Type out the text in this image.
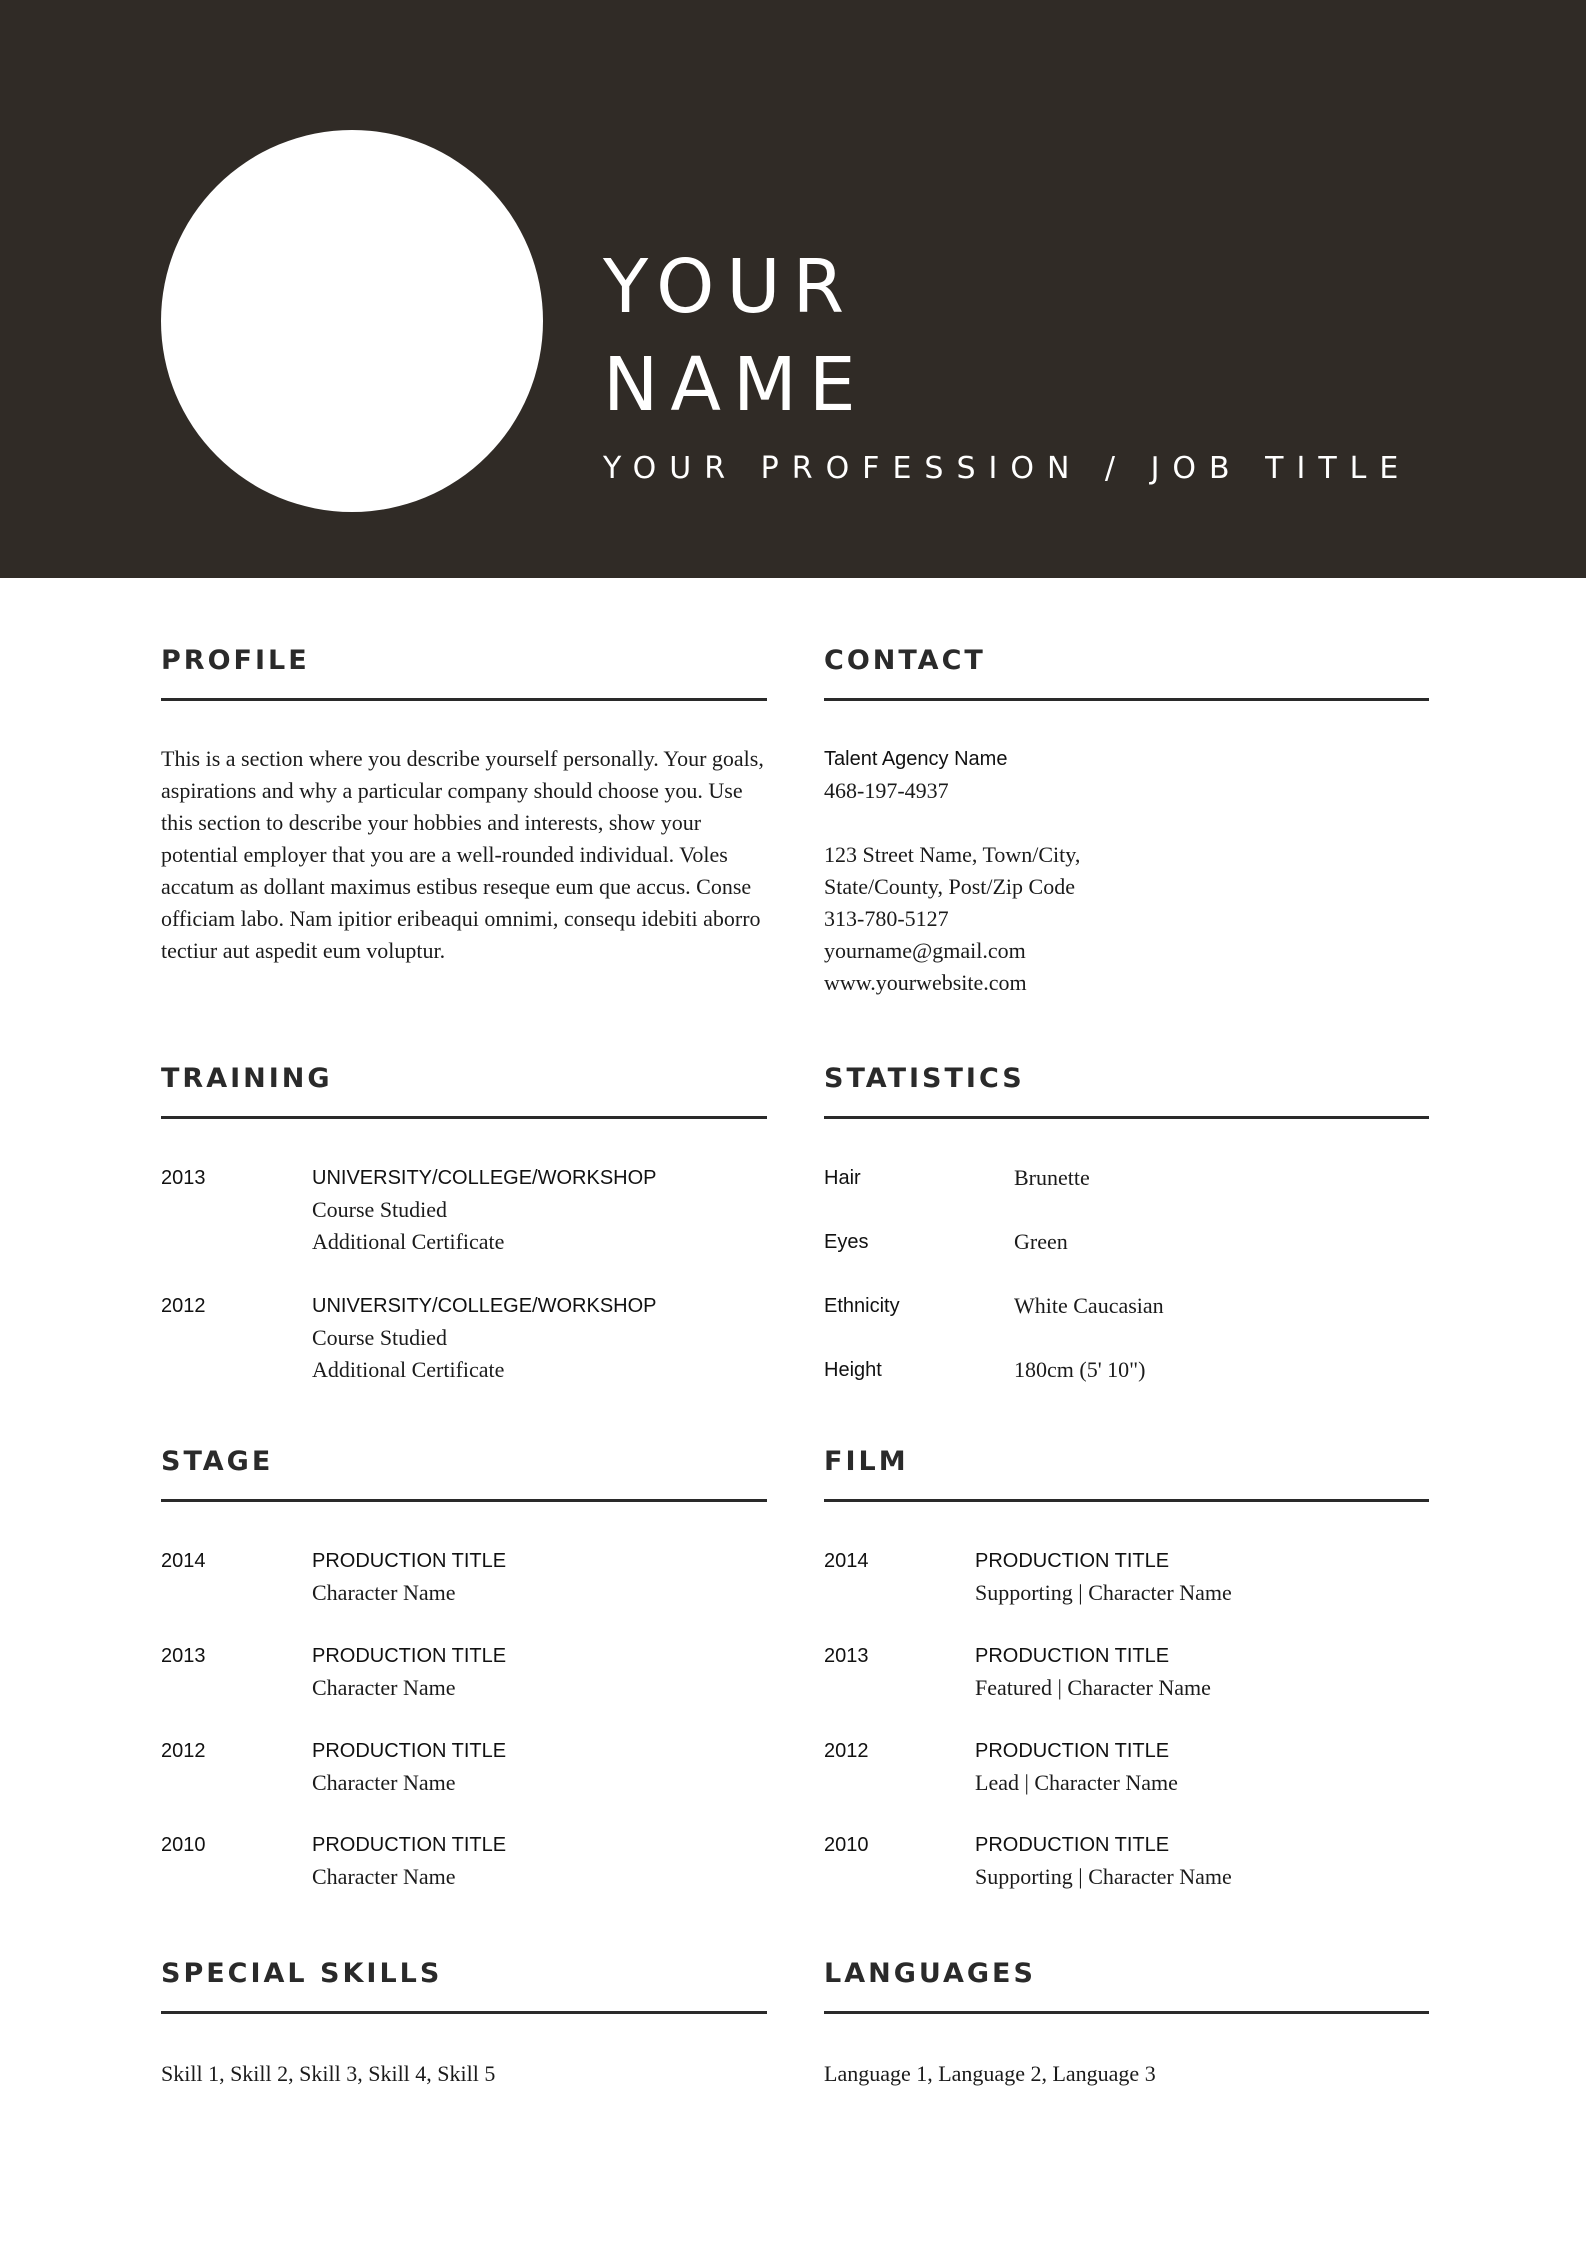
YOUR
NAME
YOUR PROFESSION / JOB TITLE
PROFILE
This is a section where you describe yourself personally. Your goals, aspirations and why a particular company should choose you. Use this section to describe your hobbies and interests, show your potential employer that you are a well-rounded individual. Voles accatum as dollant maximus estibus reseque eum que accus. Conse officiam labo. Nam ipitior eribeaqui omnimi, consequ idebiti aborro tectiur aut aspedit eum voluptur.
CONTACT
Talent Agency Name
468-197-4937
123 Street Name, Town/City,
State/County, Post/Zip Code
313-780-5127
yourname@gmail.com
www.yourwebsite.com
TRAINING
2013	UNIVERSITY/COLLEGE/WORKSHOP
Course Studied
Additional Certificate
2012	UNIVERSITY/COLLEGE/WORKSHOP
Course Studied
Additional Certificate
STATISTICS
Hair	Brunette
Eyes	Green
Ethnicity	White Caucasian
Height	180cm (5' 10")
STAGE
2014	PRODUCTION TITLE
Character Name
2013	PRODUCTION TITLE
Character Name
2012	PRODUCTION TITLE
Character Name
2010	PRODUCTION TITLE
Character Name
FILM
2014	PRODUCTION TITLE
Supporting | Character Name
2013	PRODUCTION TITLE
Featured | Character Name
2012	PRODUCTION TITLE
Lead | Character Name
2010	PRODUCTION TITLE
Supporting | Character Name
SPECIAL SKILLS
Skill 1, Skill 2, Skill 3, Skill 4, Skill 5
LANGUAGES
Language 1, Language 2, Language 3
